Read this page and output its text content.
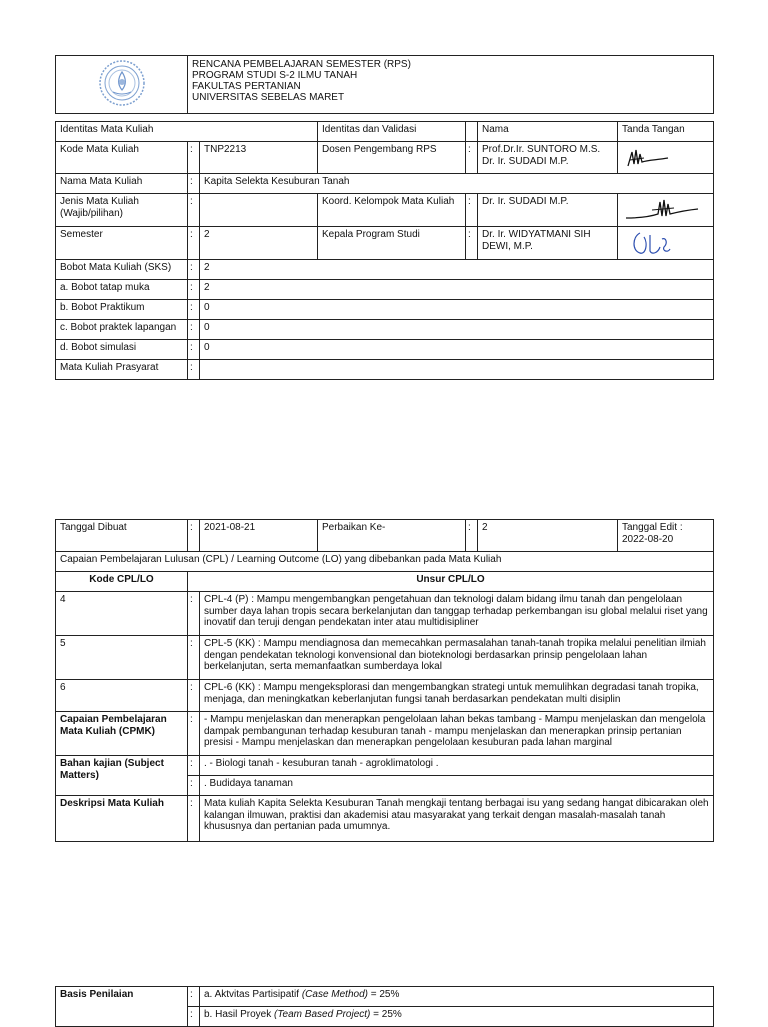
RENCANA PEMBELAJARAN SEMESTER (RPS)
PROGRAM STUDI S-2 ILMU TANAH
FAKULTAS PERTANIAN
UNIVERSITAS SEBELAS MARET
Identitas Mata Kuliah			Identitas dan Validasi		Nama	Tanda Tangan
Kode Mata Kuliah	:	TNP2213	Dosen Pengembang RPS	:	Prof.Dr.Ir. SUNTORO M.S.
Dr. Ir. SUDADI M.P.

Nama Mata Kuliah	:	Kapita Selekta Kesuburan Tanah				

Jenis Mata Kuliah
(Wajib/pilihan)	:		Koord. Kelompok Mata Kuliah	:	Dr. Ir. SUDADI M.P.	

Semester	:	2	Kepala Program Studi	:	Dr. Ir. WIDYATMANI SIH
DEWI, M.P.

Bobot Mata Kuliah (SKS)	:	2				
a. Bobot tatap muka	:	2				
b. Bobot Praktikum	:	0				
c. Bobot praktek lapangan	:	0				
d. Bobot simulasi	:	0				
Mata Kuliah Prasyarat	:					
Tanggal Dibuat	:	2021-08-21	Perbaikan Ke-	:	2	Tanggal Edit :
2022-08-20

Capaian Pembelajaran Lulusan (CPL) / Learning Outcome (LO) yang dibebankan pada Mata Kuliah						
Kode CPL/LO	Unsur CPL/LO					
4	:	CPL-4 (P) : Mampu mengembangkan pengetahuan dan teknologi dalam bidang ilmu tanah dan pengelolaan sumber daya lahan tropis secara berkelanjutan dan tanggap terhadap perkembangan isu global melalui riset yang inovatif dan teruji dengan pendekatan inter atau multidisipliner				
5	:	CPL-5 (KK) : Mampu mendiagnosa dan memecahkan permasalahan tanah-tanah tropika melalui penelitian ilmiah dengan pendekatan teknologi konvensional dan bioteknologi berdasarkan prinsip pengelolaan lahan berkelanjutan, serta memanfaatkan sumberdaya lokal				
6	:	CPL-6 (KK) : Mampu mengeksplorasi dan mengembangkan strategi untuk memulihkan degradasi tanah tropika, menjaga, dan meningkatkan keberlanjutan fungsi tanah berdasarkan pendekatan multi disiplin				
Capaian Pembelajaran Mata Kuliah (CPMK)	:	- Mampu menjelaskan dan menerapkan pengelolaan lahan bekas tambang - Mampu menjelaskan dan mengelola dampak pembangunan terhadap kesuburan tanah - mampu menjelaskan dan menerapkan prinsip pertanian presisi - Mampu menjelaskan dan menerapkan pengelolaan kesuburan pada lahan marginal				
Bahan kajian (Subject Matters)	:	. - Biologi tanah - kesuburan tanah - agroklimatologi .				
	:	. Budidaya tanaman				
Deskripsi Mata Kuliah	:	Mata kuliah Kapita Selekta Kesuburan Tanah mengkaji tentang berbagai isu yang sedang hangat dibicarakan oleh kalangan ilmuwan, praktisi dan akademisi atau masyarakat yang terkait dengan masalah-masalah tanah khususnya dan pertanian pada umumnya.				
Basis Penilaian	:	a. Aktvitas Partisipatif (Case Method) = 25%
	:	b. Hasil Proyek (Team Based Project) = 25%
